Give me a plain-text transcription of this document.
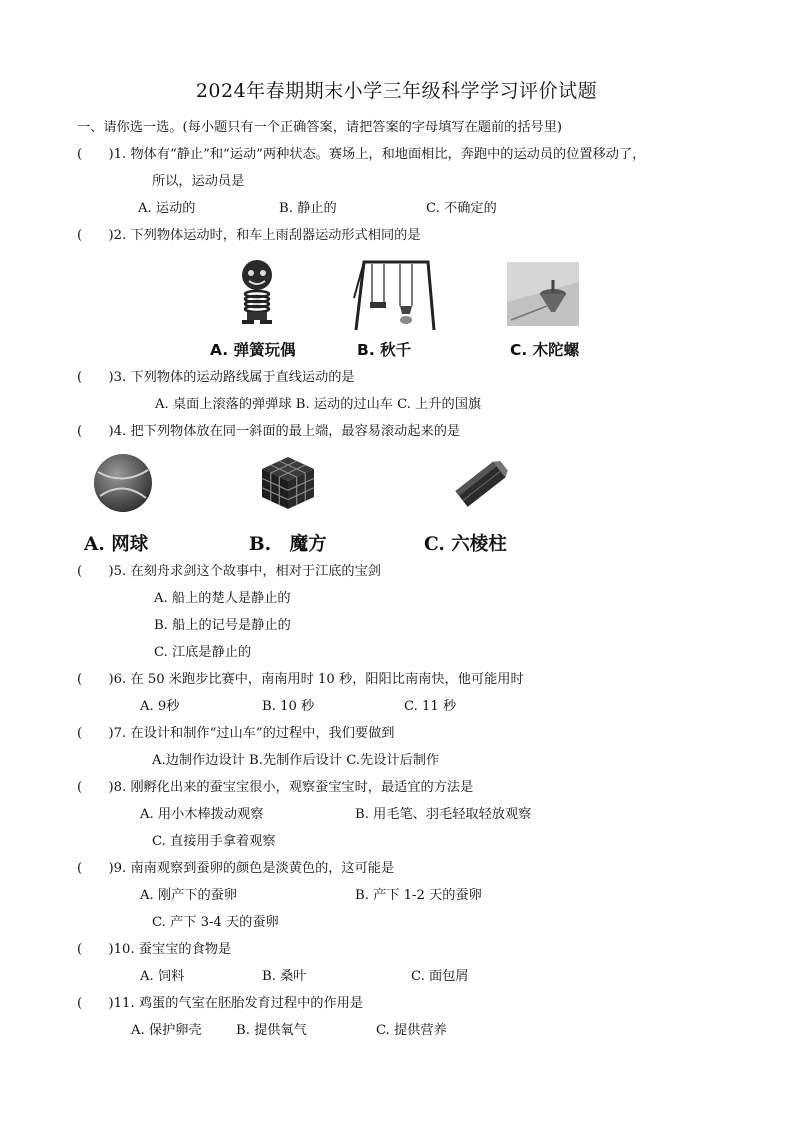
2024年春期期末小学三年级科学学习评价试题
一、请你选一选。(每小题只有一个正确答案，请把答案的字母填写在题前的括号里)
(　　)1. 物体有“静止”和“运动”两种状态。赛场上，和地面相比，奔跑中的运动员的位置移动了，
所以，运动员是
A. 运动的	B. 静止的	C. 不确定的
(　　)2. 下列物体运动时，和车上雨刮器运动形式相同的是
A. 弹簧玩偶	B. 秋千	C. 木陀螺
(　　)3. 下列物体的运动路线属于直线运动的是
A. 桌面上滚落的弹弹球 B. 运动的过山车 C. 上升的国旗
(　　)4. 把下列物体放在同一斜面的最上端，最容易滚动起来的是
A. 网球	B.　魔方	C. 六棱柱
(　　)5. 在刻舟求剑这个故事中，相对于江底的宝剑
A. 船上的楚人是静止的
B. 船上的记号是静止的
C. 江底是静止的
(　　)6. 在 50 米跑步比赛中，南南用时 10 秒，阳阳比南南快，他可能用时
A. 9秒	B. 10 秒	C. 11 秒
(　　)7. 在设计和制作“过山车”的过程中，我们要做到
A.边制作边设计 B.先制作后设计 C.先设计后制作
(　　)8. 刚孵化出来的蚕宝宝很小，观察蚕宝宝时，最适宜的方法是
A. 用小木棒拨动观察	B. 用毛笔、羽毛轻取轻放观察
C. 直接用手拿着观察
(　　)9. 南南观察到蚕卵的颜色是淡黄色的，这可能是
A. 刚产下的蚕卵	B. 产下 1-2 天的蚕卵
C. 产下 3-4 天的蚕卵
(　　)10. 蚕宝宝的食物是
A. 饲料	B. 桑叶	C. 面包屑
(　　)11. 鸡蛋的气室在胚胎发育过程中的作用是
A. 保护卵壳	B. 提供氧气	C. 提供营养
